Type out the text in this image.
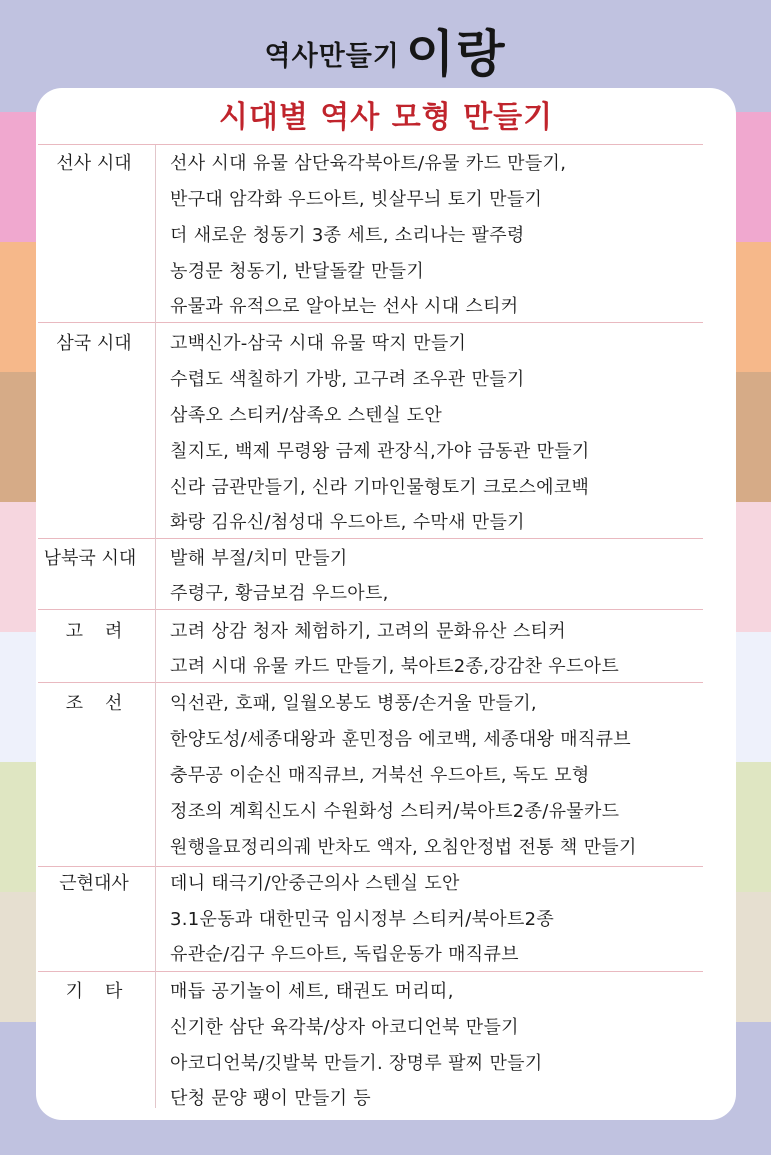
역사만들기 이랑
시대별 역사 모형 만들기
선사 시대	선사 시대 유물 삼단육각북아트/유물 카드 만들기,
반구대 암각화 우드아트, 빗살무늬 토기 만들기
더 새로운 청동기 3종 세트, 소리나는 팔주령
농경문 청동기, 반달돌칼 만들기
유물과 유적으로 알아보는 선사 시대 스티커
삼국 시대	고백신가-삼국 시대 유물 딱지 만들기
수렵도 색칠하기 가방, 고구려 조우관 만들기
삼족오 스티커/삼족오 스텐실 도안
칠지도, 백제 무령왕 금제 관장식,가야 금동관 만들기
신라 금관만들기, 신라 기마인물형토기 크로스에코백
화랑 김유신/첨성대 우드아트, 수막새 만들기
남북국 시대	발해 부절/치미 만들기
주령구, 황금보검 우드아트,
고려	고려 상감 청자 체험하기, 고려의 문화유산 스티커
고려 시대 유물 카드 만들기, 북아트2종,강감찬 우드아트
조선	익선관, 호패, 일월오봉도 병풍/손거울 만들기,
한양도성/세종대왕과 훈민정음 에코백, 세종대왕 매직큐브
충무공 이순신 매직큐브, 거북선 우드아트, 독도 모형
정조의 계획신도시 수원화성 스티커/북아트2종/유물카드
원행을묘정리의궤 반차도 액자, 오침안정법 전통 책 만들기
근현대사	데니 태극기/안중근의사 스텐실 도안
3.1운동과 대한민국 임시정부 스티커/북아트2종
유관순/김구 우드아트, 독립운동가 매직큐브
기타	매듭 공기놀이 세트, 태권도 머리띠,
신기한 삼단 육각북/상자 아코디언북 만들기
아코디언북/깃발북 만들기. 장명루 팔찌 만들기
단청 문양 팽이 만들기 등
